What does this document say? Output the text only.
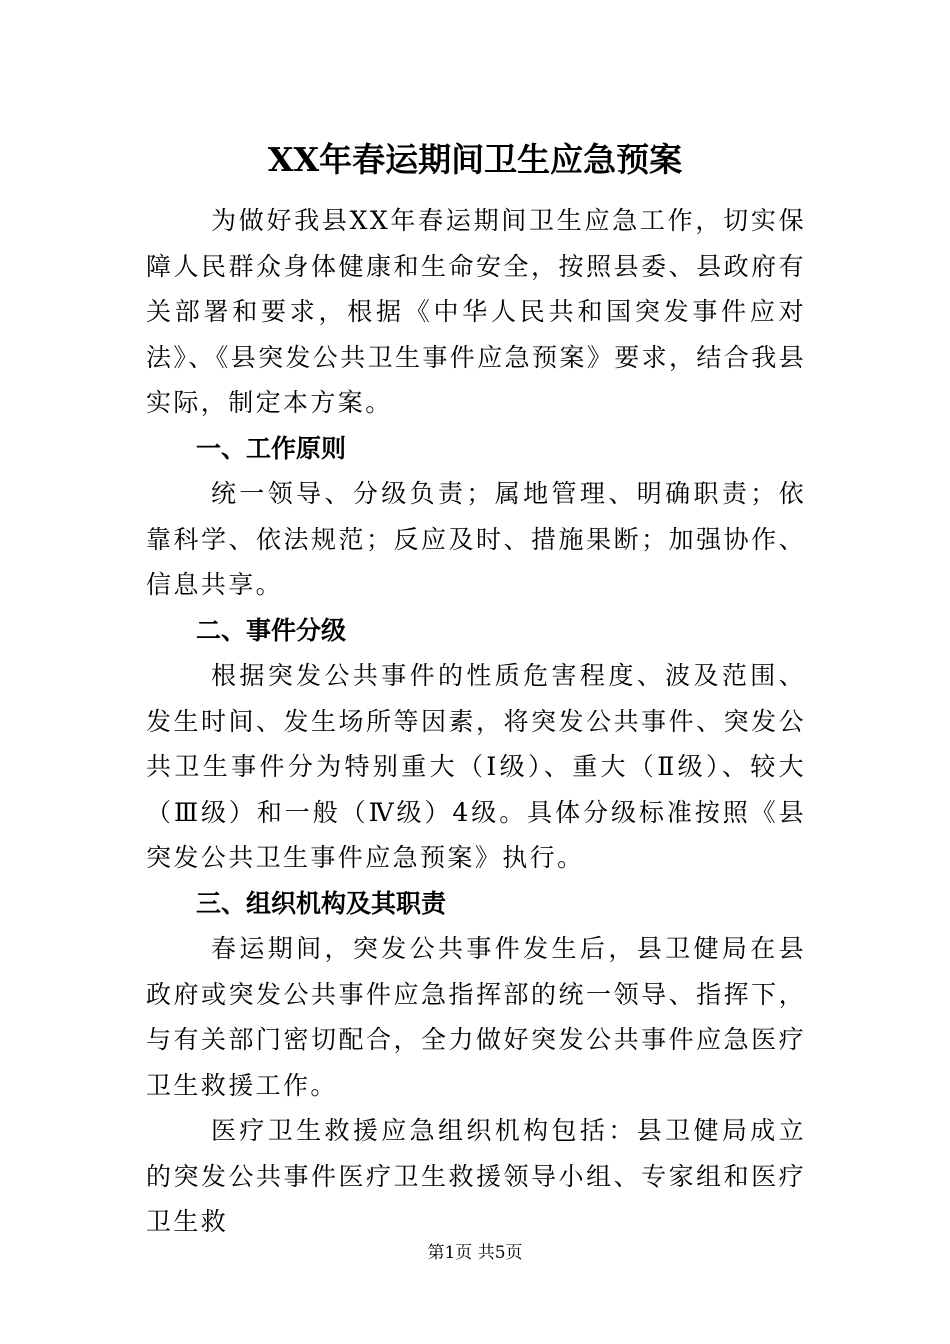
XX年春运期间卫生应急预案

为做好我县XX年春运期间卫生应急工作，切实保障人民群众身体健康和生命安全，按照县委、县政府有关部署和要求，根据《中华人民共和国突发事件应对法》、《县突发公共卫生事件应急预案》要求，结合我县实际，制定本方案。

一、工作原则

统一领导、分级负责；属地管理、明确职责；依靠科学、依法规范；反应及时、措施果断；加强协作、信息共享。

二、事件分级

根据突发公共事件的性质危害程度、波及范围、发生时间、发生场所等因素，将突发公共事件、突发公共卫生事件分为特别重大（Ⅰ级）、重大（Ⅱ级）、较大（Ⅲ级）和一般（Ⅳ级）4级。具体分级标准按照《县突发公共卫生事件应急预案》执行。

三、组织机构及其职责

春运期间，突发公共事件发生后，县卫健局在县政府或突发公共事件应急指挥部的统一领导、指挥下，与有关部门密切配合，全力做好突发公共事件应急医疗卫生救援工作。

医疗卫生救援应急组织机构包括：县卫健局成立的突发公共事件医疗卫生救援领导小组、专家组和医疗卫生救

第1页 共5页
